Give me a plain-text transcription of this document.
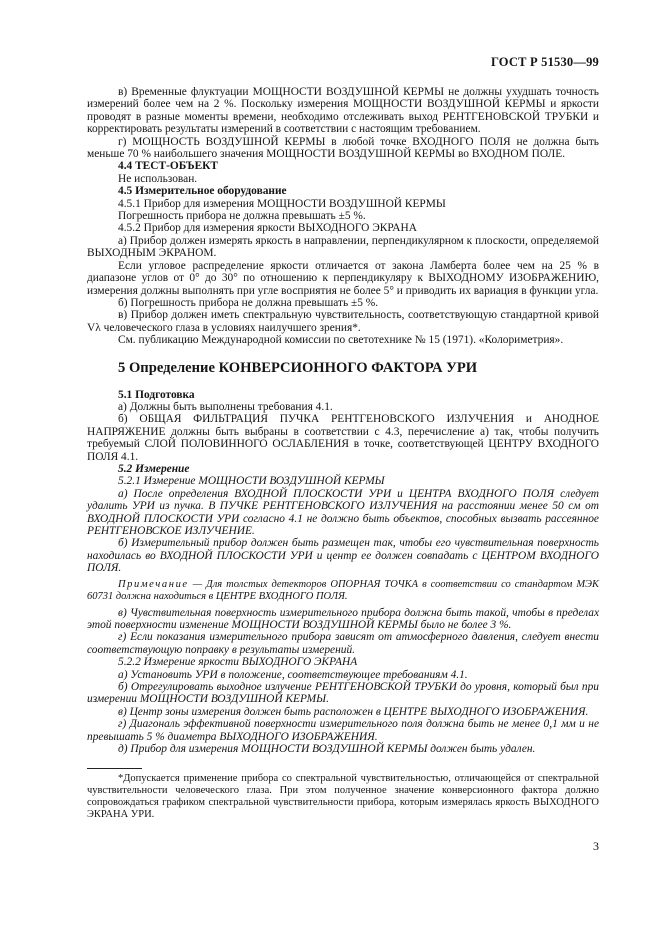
ГОСТ Р 51530—99

в) Временные флуктуации МОЩНОСТИ ВОЗДУШНОЙ КЕРМЫ не должны ухудшать точность измерений более чем на 2 %. Поскольку измерения МОЩНОСТИ ВОЗДУШНОЙ КЕРМЫ и яркости проводят в разные моменты времени, необходимо отслеживать выход РЕНТГЕНОВСКОЙ ТРУБКИ и корректировать результаты измерений в соответствии с настоящим требованием.

г) МОЩНОСТЬ ВОЗДУШНОЙ КЕРМЫ в любой точке ВХОДНОГО ПОЛЯ не должна быть меньше 70 % наибольшего значения МОЩНОСТИ ВОЗДУШНОЙ КЕРМЫ во ВХОДНОМ ПОЛЕ.

4.4 ТЕСТ-ОБЪЕКТ

Не использован.

4.5 Измерительное оборудование

4.5.1 Прибор для измерения МОЩНОСТИ ВОЗДУШНОЙ КЕРМЫ

Погрешность прибора не должна превышать ±5 %.

4.5.2 Прибор для измерения яркости ВЫХОДНОГО ЭКРАНА

а) Прибор должен измерять яркость в направлении, перпендикулярном к плоскости, определяемой ВЫХОДНЫМ ЭКРАНОМ.

Если угловое распределение яркости отличается от закона Ламберта более чем на 25 % в диапазоне углов от 0° до 30° по отношению к перпендикуляру к ВЫХОДНОМУ ИЗОБРАЖЕНИЮ, измерения должны выполнять при угле восприятия не более 5° и приводить их вариация в функции угла.

б) Погрешность прибора не должна превышать ±5 %.

в) Прибор должен иметь спектральную чувствительность, соответствующую стандартной кривой Vλ человеческого глаза в условиях наилучшего зрения*.

См. публикацию Международной комиссии по светотехнике № 15 (1971). «Колориметрия».

5 Определение КОНВЕРСИОННОГО ФАКТОРА УРИ

5.1 Подготовка

а) Должны быть выполнены требования 4.1.

б) ОБЩАЯ ФИЛЬТРАЦИЯ ПУЧКА РЕНТГЕНОВСКОГО ИЗЛУЧЕНИЯ и АНОДНОЕ НАПРЯЖЕНИЕ должны быть выбраны в соответствии с 4.3, перечисление а) так, чтобы получить требуемый СЛОЙ ПОЛОВИННОГО ОСЛАБЛЕНИЯ в точке, соответствующей ЦЕНТРУ ВХОДНОГО ПОЛЯ 4.1.

5.2 Измерение

5.2.1 Измерение МОЩНОСТИ ВОЗДУШНОЙ КЕРМЫ

а) После определения ВХОДНОЙ ПЛОСКОСТИ УРИ и ЦЕНТРА ВХОДНОГО ПОЛЯ следует удалить УРИ из пучка. В ПУЧКЕ РЕНТГЕНОВСКОГО ИЗЛУЧЕНИЯ на расстоянии менее 50 см от ВХОДНОЙ ПЛОСКОСТИ УРИ согласно 4.1 не должно быть объектов, способных вызвать рассеянное РЕНТГЕНОВСКОЕ ИЗЛУЧЕНИЕ.

б) Измерительный прибор должен быть размещен так, чтобы его чувствительная поверхность находилась во ВХОДНОЙ ПЛОСКОСТИ УРИ и центр ее должен совпадать с ЦЕНТРОМ ВХОДНОГО ПОЛЯ.

Примечание — Для толстых детекторов ОПОРНАЯ ТОЧКА в соответствии со стандартом МЭК 60731 должна находиться в ЦЕНТРЕ ВХОДНОГО ПОЛЯ.

в) Чувствительная поверхность измерительного прибора должна быть такой, чтобы в пределах этой поверхности изменение МОЩНОСТИ ВОЗДУШНОЙ КЕРМЫ было не более 3 %.

г) Если показания измерительного прибора зависят от атмосферного давления, следует внести соответствующую поправку в результаты измерений.

5.2.2 Измерение яркости ВЫХОДНОГО ЭКРАНА

а) Установить УРИ в положение, соответствующее требованиям 4.1.

б) Отрегулировать выходное излучение РЕНТГЕНОВСКОЙ ТРУБКИ до уровня, который был при измерении МОЩНОСТИ ВОЗДУШНОЙ КЕРМЫ.

в) Центр зоны измерения должен быть расположен в ЦЕНТРЕ ВЫХОДНОГО ИЗОБРАЖЕНИЯ.

г) Диагональ эффективной поверхности измерительного поля должна быть не менее 0,1 мм и не превышать 5 % диаметра ВЫХОДНОГО ИЗОБРАЖЕНИЯ.

д) Прибор для измерения МОЩНОСТИ ВОЗДУШНОЙ КЕРМЫ должен быть удален.

*Допускается применение прибора со спектральной чувствительностью, отличающейся от спектральной чувствительности человеческого глаза. При этом полученное значение конверсионного фактора должно сопровождаться графиком спектральной чувствительности прибора, которым измерялась яркость ВЫХОДНОГО ЭКРАНА УРИ.

3
